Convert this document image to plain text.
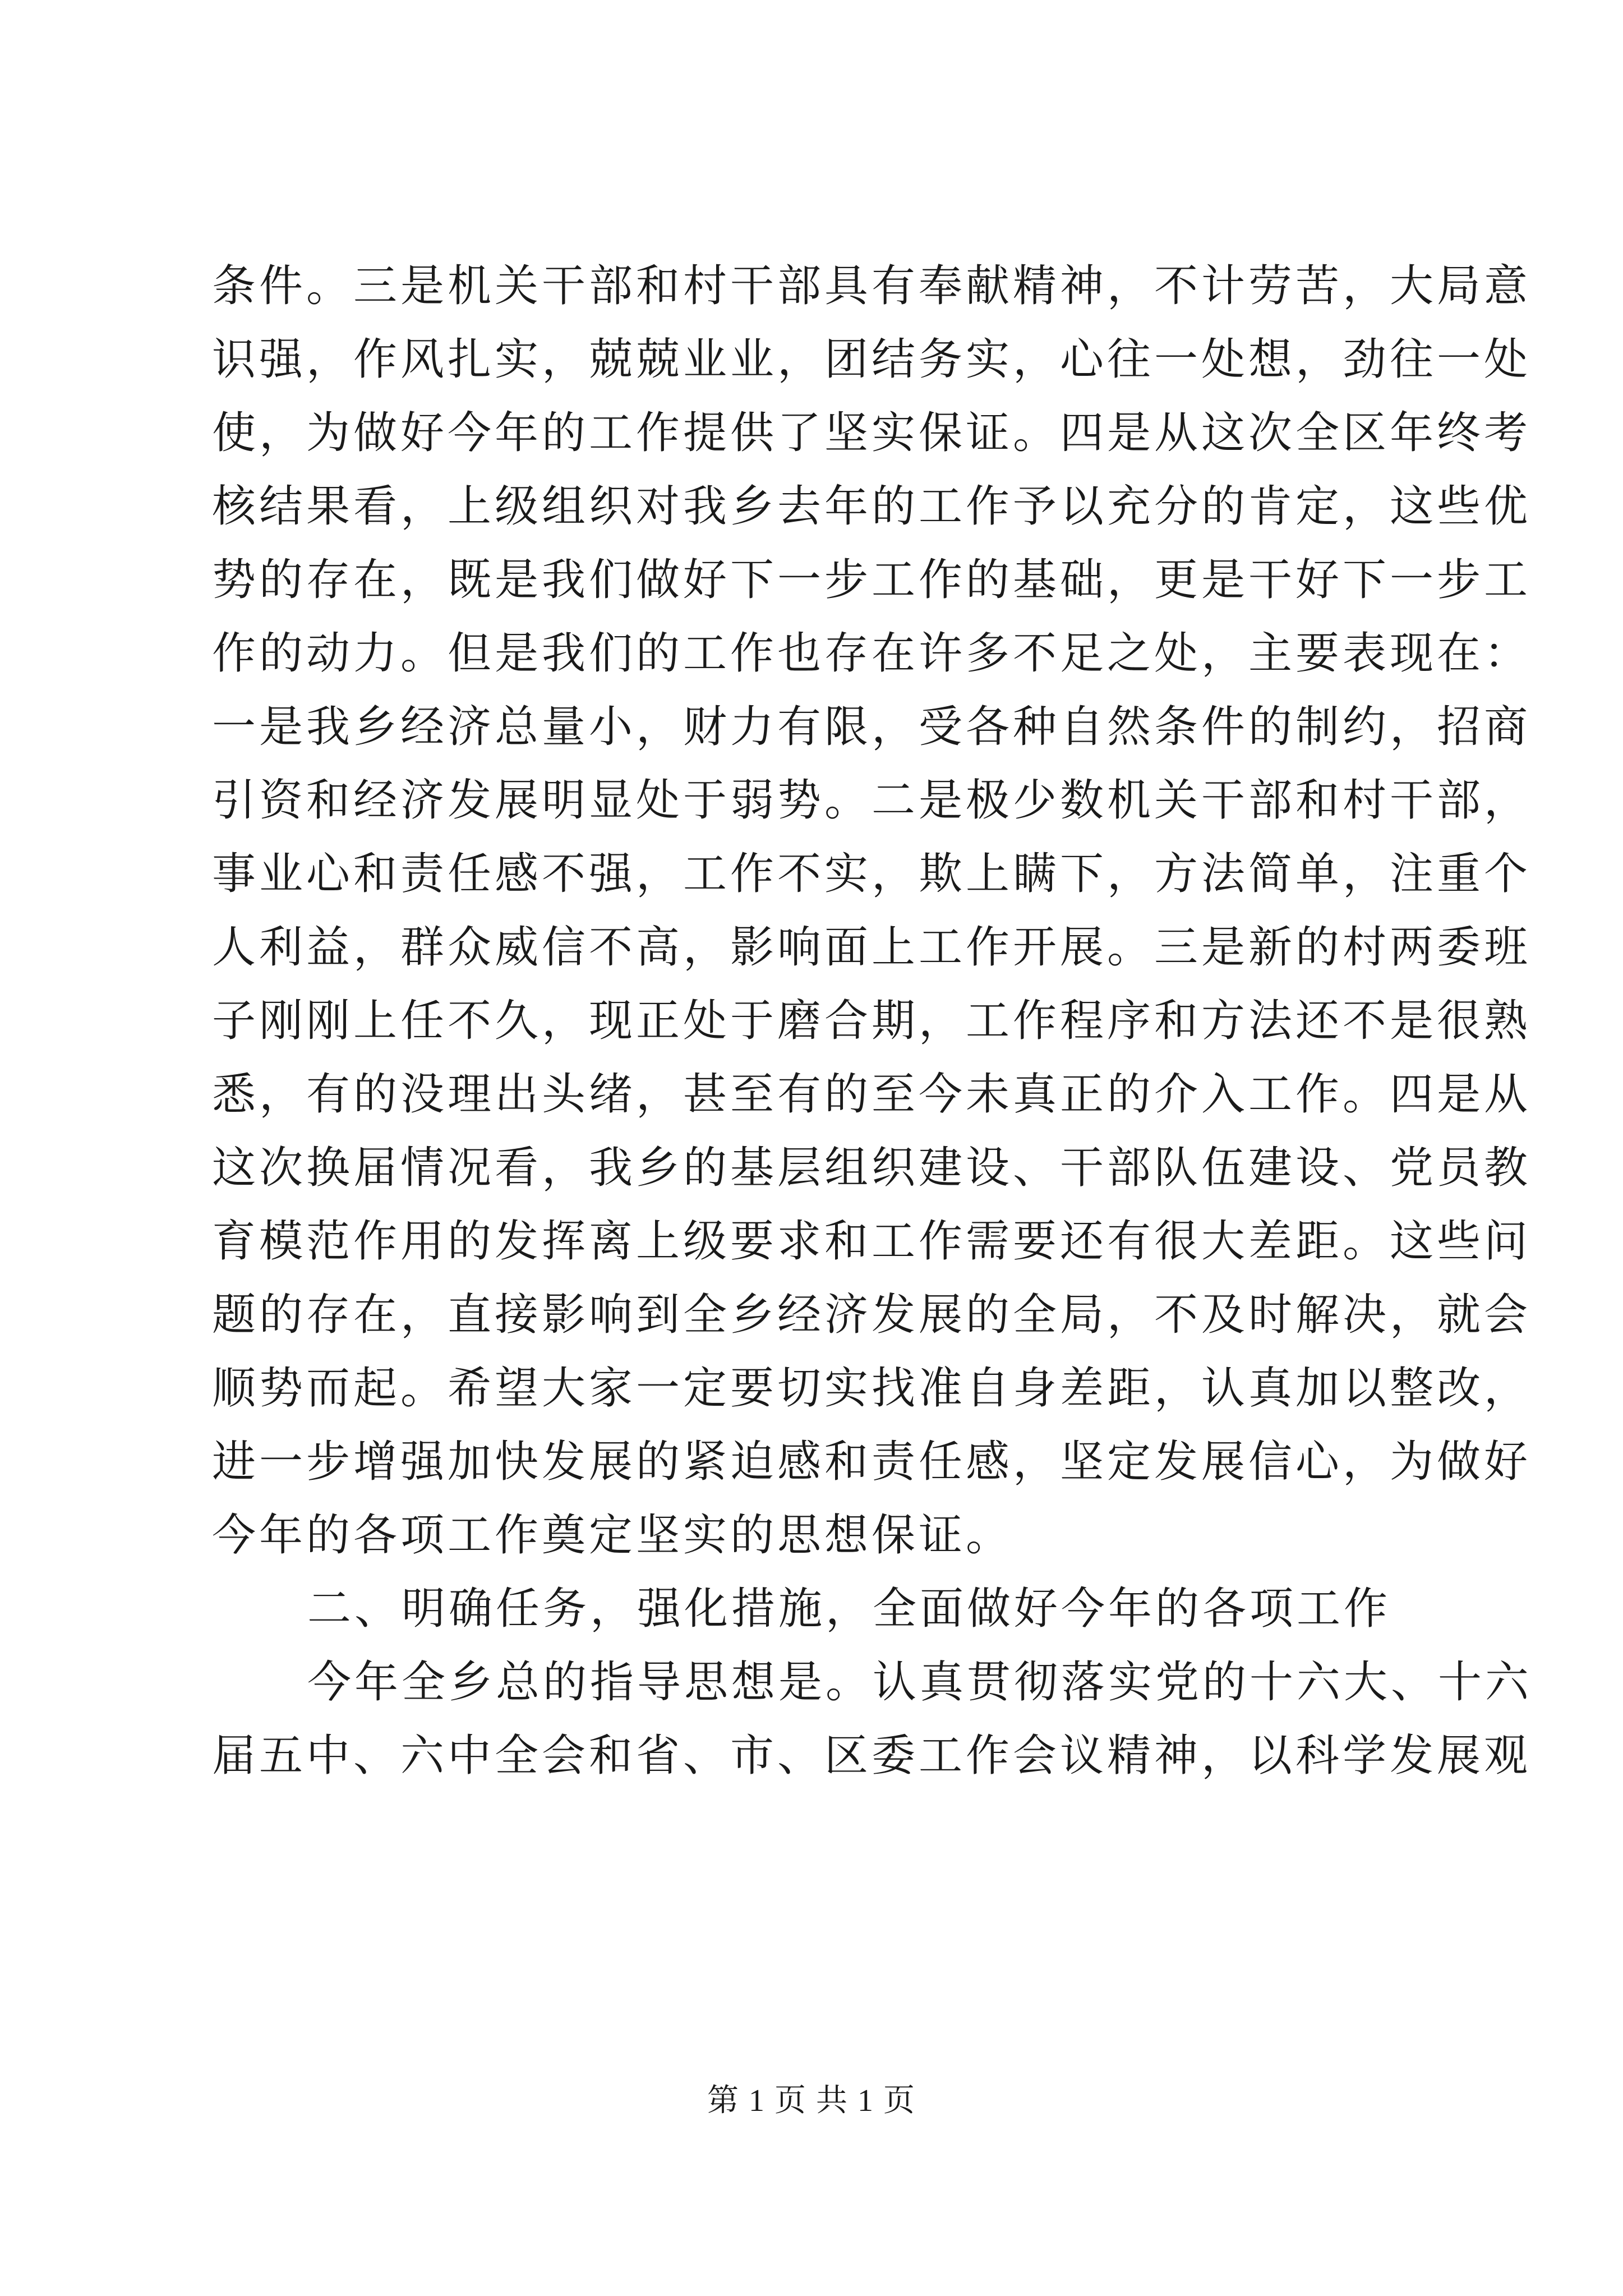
条件。三是机关干部和村干部具有奉献精神，不计劳苦，大局意
识强，作风扎实，兢兢业业，团结务实，心往一处想，劲往一处
使，为做好今年的工作提供了坚实保证。四是从这次全区年终考
核结果看，上级组织对我乡去年的工作予以充分的肯定，这些优
势的存在，既是我们做好下一步工作的基础，更是干好下一步工
作的动力。但是我们的工作也存在许多不足之处，主要表现在：
一是我乡经济总量小，财力有限，受各种自然条件的制约，招商
引资和经济发展明显处于弱势。二是极少数机关干部和村干部，
事业心和责任感不强，工作不实，欺上瞒下，方法简单，注重个
人利益，群众威信不高，影响面上工作开展。三是新的村两委班
子刚刚上任不久，现正处于磨合期，工作程序和方法还不是很熟
悉，有的没理出头绪，甚至有的至今未真正的介入工作。四是从
这次换届情况看，我乡的基层组织建设、干部队伍建设、党员教
育模范作用的发挥离上级要求和工作需要还有很大差距。这些问
题的存在，直接影响到全乡经济发展的全局，不及时解决，就会
顺势而起。希望大家一定要切实找准自身差距，认真加以整改，
进一步增强加快发展的紧迫感和责任感，坚定发展信心，为做好
今年的各项工作奠定坚实的思想保证。
二、明确任务，强化措施，全面做好今年的各项工作
今年全乡总的指导思想是。认真贯彻落实党的十六大、十六
届五中、六中全会和省、市、区委工作会议精神，以科学发展观
第 1 页 共 1 页
